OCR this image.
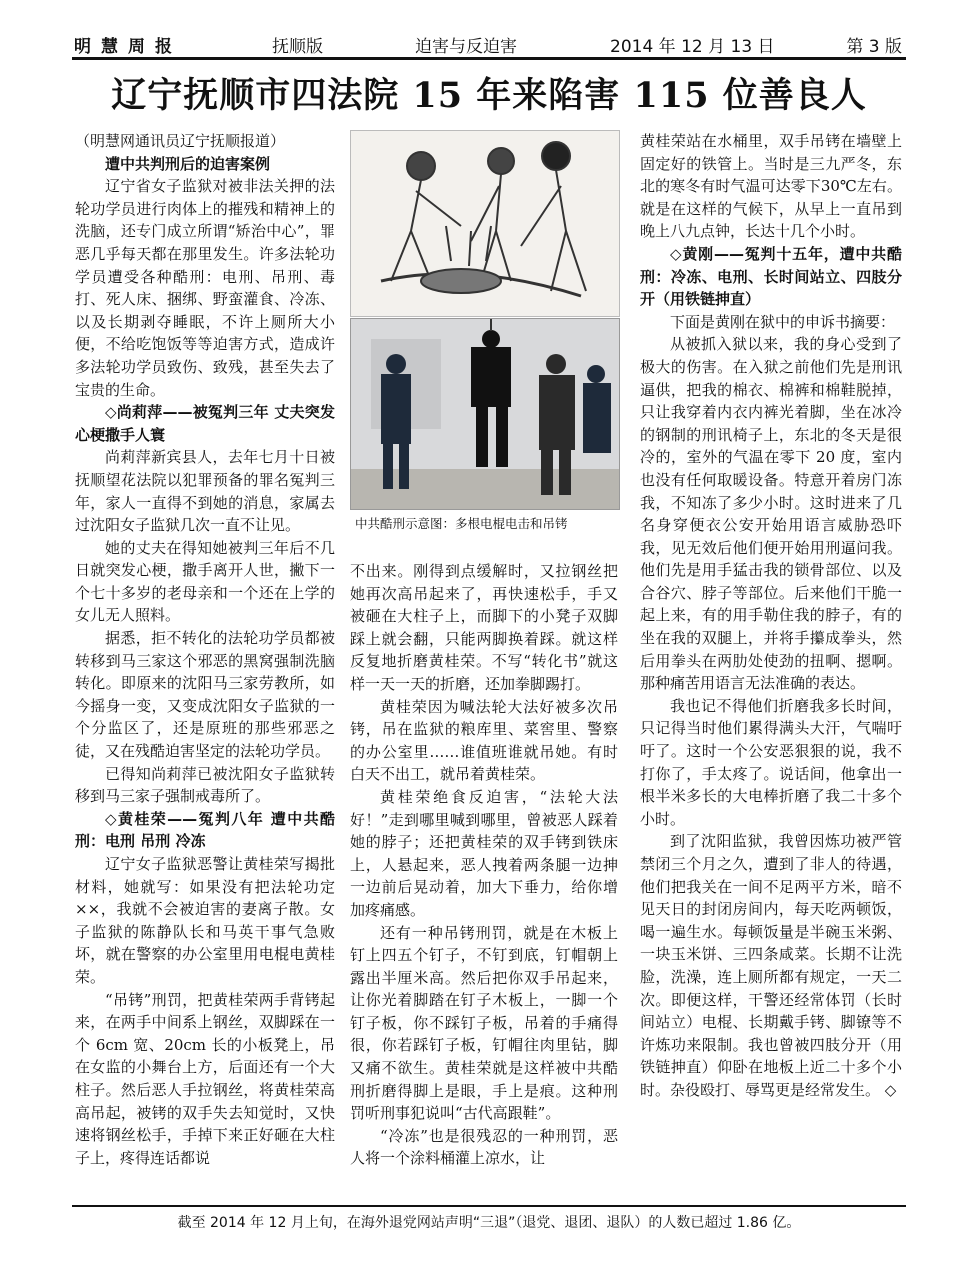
明慧周报	抚顺版	迫害与反迫害	2014 年 12 月 13 日	第 3 版
辽宁抚顺市四法院 15 年来陷害 115 位善良人

（明慧网通讯员辽宁抚顺报道）

遭中共判刑后的迫害案例

辽宁省女子监狱对被非法关押的法轮功学员进行肉体上的摧残和精神上的洗脑，还专门成立所谓“矫治中心”，罪恶几乎每天都在那里发生。许多法轮功学员遭受各种酷刑：电刑、吊刑、毒打、死人床、捆绑、野蛮灌食、冷冻、以及长期剥夺睡眠，不许上厕所大小便，不给吃饱饭等等迫害方式，造成许多法轮功学员致伤、致残，甚至失去了宝贵的生命。

◇尚莉萍——被冤判三年 丈夫突发心梗撒手人寰

尚莉萍新宾县人，去年七月十日被抚顺望花法院以犯罪预备的罪名冤判三年，家人一直得不到她的消息，家属去过沈阳女子监狱几次一直不让见。

她的丈夫在得知她被判三年后不几日就突发心梗，撒手离开人世，撇下一个七十多岁的老母亲和一个还在上学的女儿无人照料。

据悉，拒不转化的法轮功学员都被转移到马三家这个邪恶的黑窝强制洗脑转化。即原来的沈阳马三家劳教所，如今摇身一变，又变成沈阳女子监狱的一个分监区了，还是原班的那些邪恶之徒，又在残酷迫害坚定的法轮功学员。

已得知尚莉萍已被沈阳女子监狱转移到马三家子强制戒毒所了。

◇黄桂荣——冤判八年 遭中共酷刑：电刑 吊刑 冷冻

辽宁女子监狱恶警让黄桂荣写揭批材料，她就写：如果没有把法轮功定××，我就不会被迫害的妻离子散。女子监狱的陈静队长和马英干事气急败坏，就在警察的办公室里用电棍电黄桂荣。

“吊铐”刑罚，把黄桂荣两手背铐起来，在两手中间系上钢丝，双脚踩在一个 6cm 宽、20cm 长的小板凳上，吊在女监的小舞台上方，后面还有一个大柱子。然后恶人手拉钢丝，将黄桂荣高高吊起，被铐的双手失去知觉时，又快速将钢丝松手，手掉下来正好砸在大柱子上，疼得连话都说

中共酷刑示意图：多根电棍电击和吊铐

不出来。刚得到点缓解时，又拉钢丝把她再次高吊起来了，再快速松手，手又被砸在大柱子上，而脚下的小凳子双脚踩上就会翻，只能两脚换着踩。就这样反复地折磨黄桂荣。不写“转化书”就这样一天一天的折磨，还加拳脚踢打。

黄桂荣因为喊法轮大法好被多次吊铐，吊在监狱的粮库里、菜窖里、警察的办公室里……谁值班谁就吊她。有时白天不出工，就吊着黄桂荣。

黄桂荣绝食反迫害，“法轮大法好！”走到哪里喊到哪里，曾被恶人踩着她的脖子；还把黄桂荣的双手铐到铁床上，人悬起来，恶人拽着两条腿一边抻一边前后晃动着，加大下垂力，给你增加疼痛感。

还有一种吊铐刑罚，就是在木板上钉上四五个钉子，不钉到底，钉帽朝上露出半厘米高。然后把你双手吊起来，让你光着脚踏在钉子木板上，一脚一个钉子板，你不踩钉子板，吊着的手痛得很，你若踩钉子板，钉帽往肉里钻，脚又痛不欲生。黄桂荣就是这样被中共酷刑折磨得脚上是眼，手上是痕。这种刑罚听刑事犯说叫“古代高跟鞋”。

“冷冻”也是很残忍的一种刑罚，恶人将一个涂料桶灌上凉水，让

黄桂荣站在水桶里，双手吊铐在墙壁上固定好的铁管上。当时是三九严冬，东北的寒冬有时气温可达零下30℃左右。就是在这样的气候下，从早上一直吊到晚上八九点钟，长达十几个小时。

◇黄刚——冤判十五年，遭中共酷刑：冷冻、电刑、长时间站立、四肢分开（用铁链抻直）

下面是黄刚在狱中的申诉书摘要：

从被抓入狱以来，我的身心受到了极大的伤害。在入狱之前他们先是刑讯逼供，把我的棉衣、棉裤和棉鞋脱掉，只让我穿着内衣内裤光着脚，坐在冰冷的钢制的刑讯椅子上，东北的冬天是很冷的，室外的气温在零下 20 度，室内也没有任何取暖设备。特意开着房门冻我，不知冻了多少小时。这时进来了几名身穿便衣公安开始用语言威胁恐吓我，见无效后他们便开始用刑逼问我。他们先是用手猛击我的锁骨部位、以及合谷穴、脖子等部位。后来他们干脆一起上来，有的用手勒住我的脖子，有的坐在我的双腿上，并将手攥成拳头，然后用拳头在两肋处使劲的扭啊、摁啊。那种痛苦用语言无法准确的表达。

我也记不得他们折磨我多长时间，只记得当时他们累得满头大汗，气喘吁吁了。这时一个公安恶狠狠的说，我不打你了，手太疼了。说话间，他拿出一根半米多长的大电棒折磨了我二十多个小时。

到了沈阳监狱，我曾因炼功被严管禁闭三个月之久，遭到了非人的待遇，他们把我关在一间不足两平方米，暗不见天日的封闭房间内，每天吃两顿饭，喝一遍生水。每顿饭量是半碗玉米粥、一块玉米饼、三四条咸菜。长期不让洗脸，洗澡，连上厕所都有规定，一天二次。即便这样，干警还经常体罚（长时间站立）电棍、长期戴手铐、脚镣等不许炼功来限制。我也曾被四肢分开（用铁链抻直）仰卧在地板上近二十多个小时。杂役殴打、辱骂更是经常发生。 ◇

截至 2014 年 12 月上旬，在海外退党网站声明“三退”（退党、退团、退队）的人数已超过 1.86 亿。
